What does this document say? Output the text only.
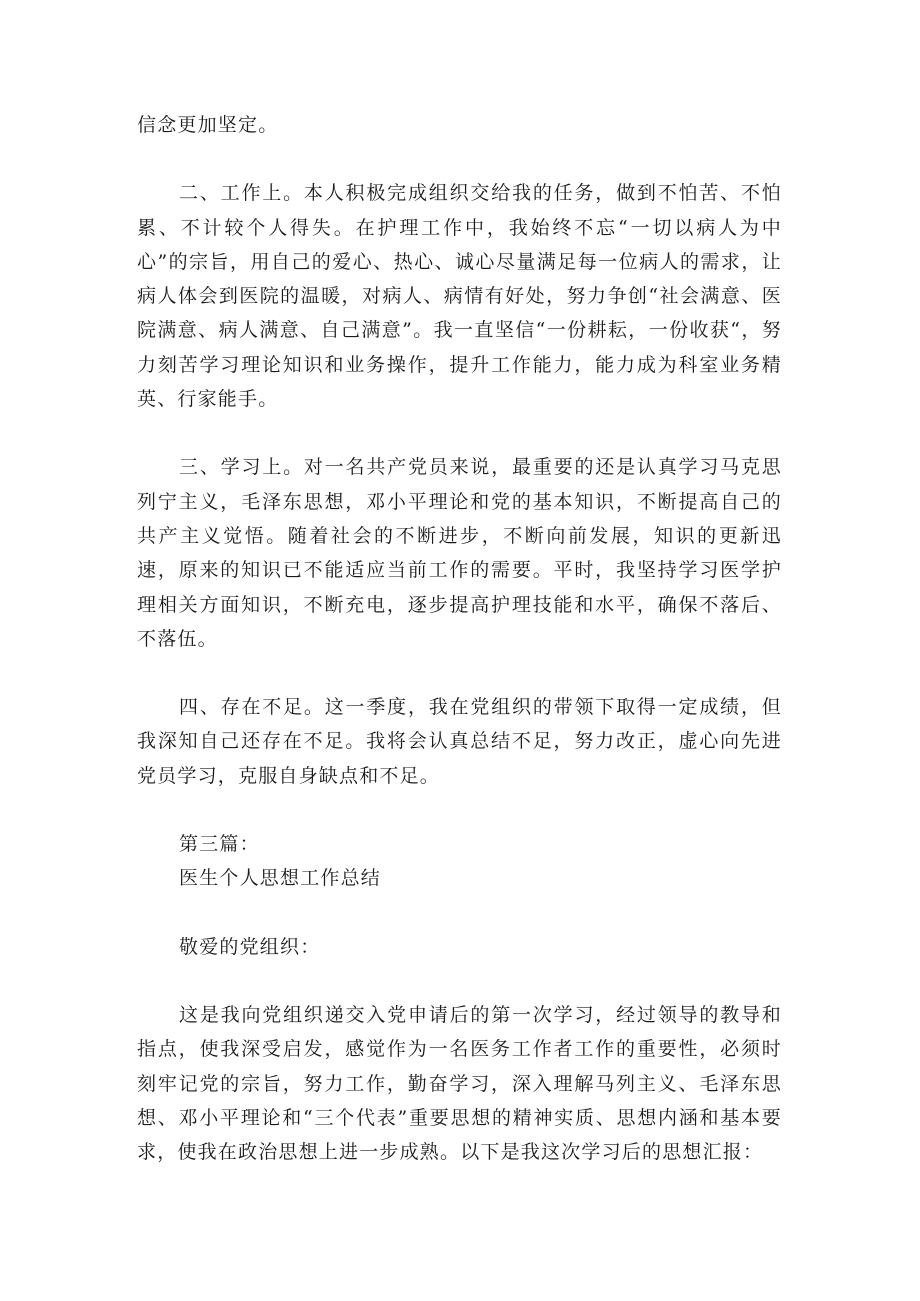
信念更加坚定。

二、工作上。本人积极完成组织交给我的任务，做到不怕苦、不怕累、不计较个人得失。在护理工作中，我始终不忘“一切以病人为中心”的宗旨，用自己的爱心、热心、诚心尽量满足每一位病人的需求，让病人体会到医院的温暖，对病人、病情有好处，努力争创“社会满意、医院满意、病人满意、自己满意”。我一直坚信“一份耕耘，一份收获“，努力刻苦学习理论知识和业务操作，提升工作能力，能力成为科室业务精英、行家能手。

三、学习上。对一名共产党员来说，最重要的还是认真学习马克思列宁主义，毛泽东思想，邓小平理论和党的基本知识，不断提高自己的共产主义觉悟。随着社会的不断进步，不断向前发展，知识的更新迅速，原来的知识已不能适应当前工作的需要。平时，我坚持学习医学护理相关方面知识，不断充电，逐步提高护理技能和水平，确保不落后、不落伍。

四、存在不足。这一季度，我在党组织的带领下取得一定成绩，但我深知自己还存在不足。我将会认真总结不足，努力改正，虚心向先进党员学习，克服自身缺点和不足。

第三篇：
医生个人思想工作总结

敬爱的党组织：

这是我向党组织递交入党申请后的第一次学习，经过领导的教导和指点，使我深受启发，感觉作为一名医务工作者工作的重要性，必须时刻牢记党的宗旨，努力工作，勤奋学习，深入理解马列主义、毛泽东思想、邓小平理论和“三个代表”重要思想的精神实质、思想内涵和基本要求，使我在政治思想上进一步成熟。以下是我这次学习后的思想汇报：
